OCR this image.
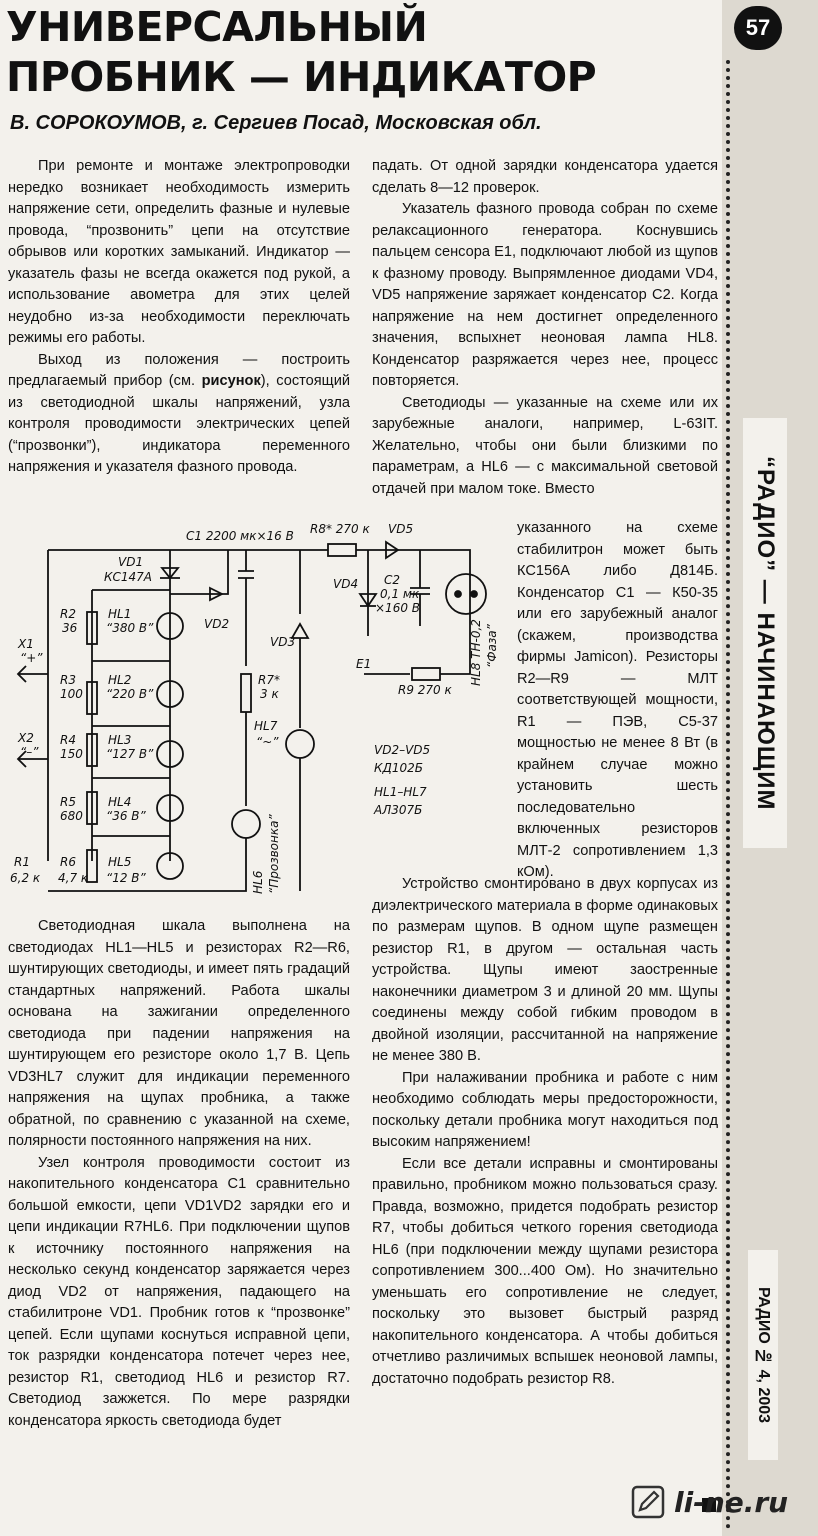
УНИВЕРСАЛЬНЫЙ
ПРОБНИК — ИНДИКАТОР

В. СОРОКОУМОВ, г. Сергиев Посад, Московская обл.

При ремонте и монтаже электропроводки нередко возникает необходимость измерить напряжение сети, определить фазные и нулевые провода, “прозвонить” цепи на отсутствие обрывов или коротких замыканий. Индикатор — указатель фазы не всегда окажется под рукой, а использование авометра для этих целей неудобно из-за необходимости переключать режимы его работы.

Выход из положения — построить предлагаемый прибор (см. рисунок), состоящий из светодиодной шкалы напряжений, узла контроля проводимости электрических цепей (“прозвонки”), индикатора переменного напряжения и указателя фазного провода.

Светодиодная шкала выполнена на светодиодах HL1—HL5 и резисторах R2—R6, шунтирующих светодиоды, и имеет пять градаций стандартных напряжений. Работа шкалы основана на зажигании определенного светодиода при падении напряжения на шунтирующем его резисторе около 1,7 В. Цепь VD3HL7 служит для индикации переменного напряжения на щупах пробника, а также обратной, по сравнению с указанной на схеме, полярности постоянного напряжения на них.

Узел контроля проводимости состоит из накопительного конденсатора C1 сравнительно большой емкости, цепи VD1VD2 зарядки его и цепи индикации R7HL6. При подключении щупов к источнику постоянного напряжения на несколько секунд конденсатор заряжается через диод VD2 от напряжения, падающего на стабилитроне VD1. Пробник готов к “прозвонке” цепей. Если щупами коснуться исправной цепи, ток разрядки конденсатора потечет через нее, резистор R1, светодиод HL6 и резистор R7. Светодиод зажжется. По мере разрядки конденсатора яркость светодиода будет

падать. От одной зарядки конденсатора удается сделать 8—12 проверок.

Указатель фазного провода собран по схеме релаксационного генератора. Коснувшись пальцем сенсора E1, подключают любой из щупов к фазному проводу. Выпрямленное диодами VD4, VD5 напряжение заряжает конденсатор C2. Когда напряжение на нем достигнет определенного значения, вспыхнет неоновая лампа HL8. Конденсатор разряжается через нее, процесс повторяется.

Светодиоды — указанные на схеме или их зарубежные аналоги, например, L-63IT. Желательно, чтобы они были близкими по параметрам, а HL6 — с максимальной световой отдачей при малом токе. Вместо

указанного на схеме стабилитрон может быть КС156А либо Д814Б. Конденсатор C1 — К50-35 или его зарубежный аналог (скажем, производства фирмы Jamicon). Резисторы R2—R9 — МЛТ соответствующей мощности, R1 — ПЭВ, С5-37 мощностью не менее 8 Вт (в крайнем случае можно установить шесть последовательно включенных резисторов МЛТ-2 сопротивлением 1,3 кОм).

Устройство смонтировано в двух корпусах из диэлектрического материала в форме одинаковых по размерам щупов. В одном щупе размещен резистор R1, в другом — остальная часть устройства. Щупы имеют заостренные наконечники диаметром 3 и длиной 20 мм. Щупы соединены между собой гибким проводом в двойной изоляции, рассчитанной на напряжение не менее 380 В.

При налаживании пробника и работе с ним необходимо соблюдать меры предосторожности, поскольку детали пробника могут находиться под высоким напряжением!

Если все детали исправны и смонтированы правильно, пробником можно пользоваться сразу. Правда, возможно, придется подобрать резистор R7, чтобы добиться четкого горения светодиода HL6 (при подключении между щупами резистора сопротивлением 300...400 Ом). Но значительно уменьшать его сопротивление не следует, поскольку это вызовет быстрый разряд накопительного конденсатора. А чтобы добиться отчетливо различимых вспышек неоновой лампы, достаточно подобрать резистор R8.

C1 2200 мк×16 В R8* 270 к VD5
VD1
КС147А	VD4 C2
0,1 мк
×160 В
HL8 ТН-0,2 “Фаза”
X1
“+”
R2
36
HL1
“380 В”	VD2
VD3
R3
100
HL2
“220 В”
R7*
3 к
E1
R9 270 к
X2
“–”
R4
150
HL3
“127 В”
HL7
“~”
VD2–VD5
КД102Б
HL1–HL7
АЛ307Б
R5
680
HL4
“36 В”
R1
6,2 к
R6
4,7 к
HL5
“12 В”	HL6 “Прозвонка”
57
“РАДИО” — НАЧИНАЮЩИМ
РАДИО № 4, 2003
li-ne.ru
